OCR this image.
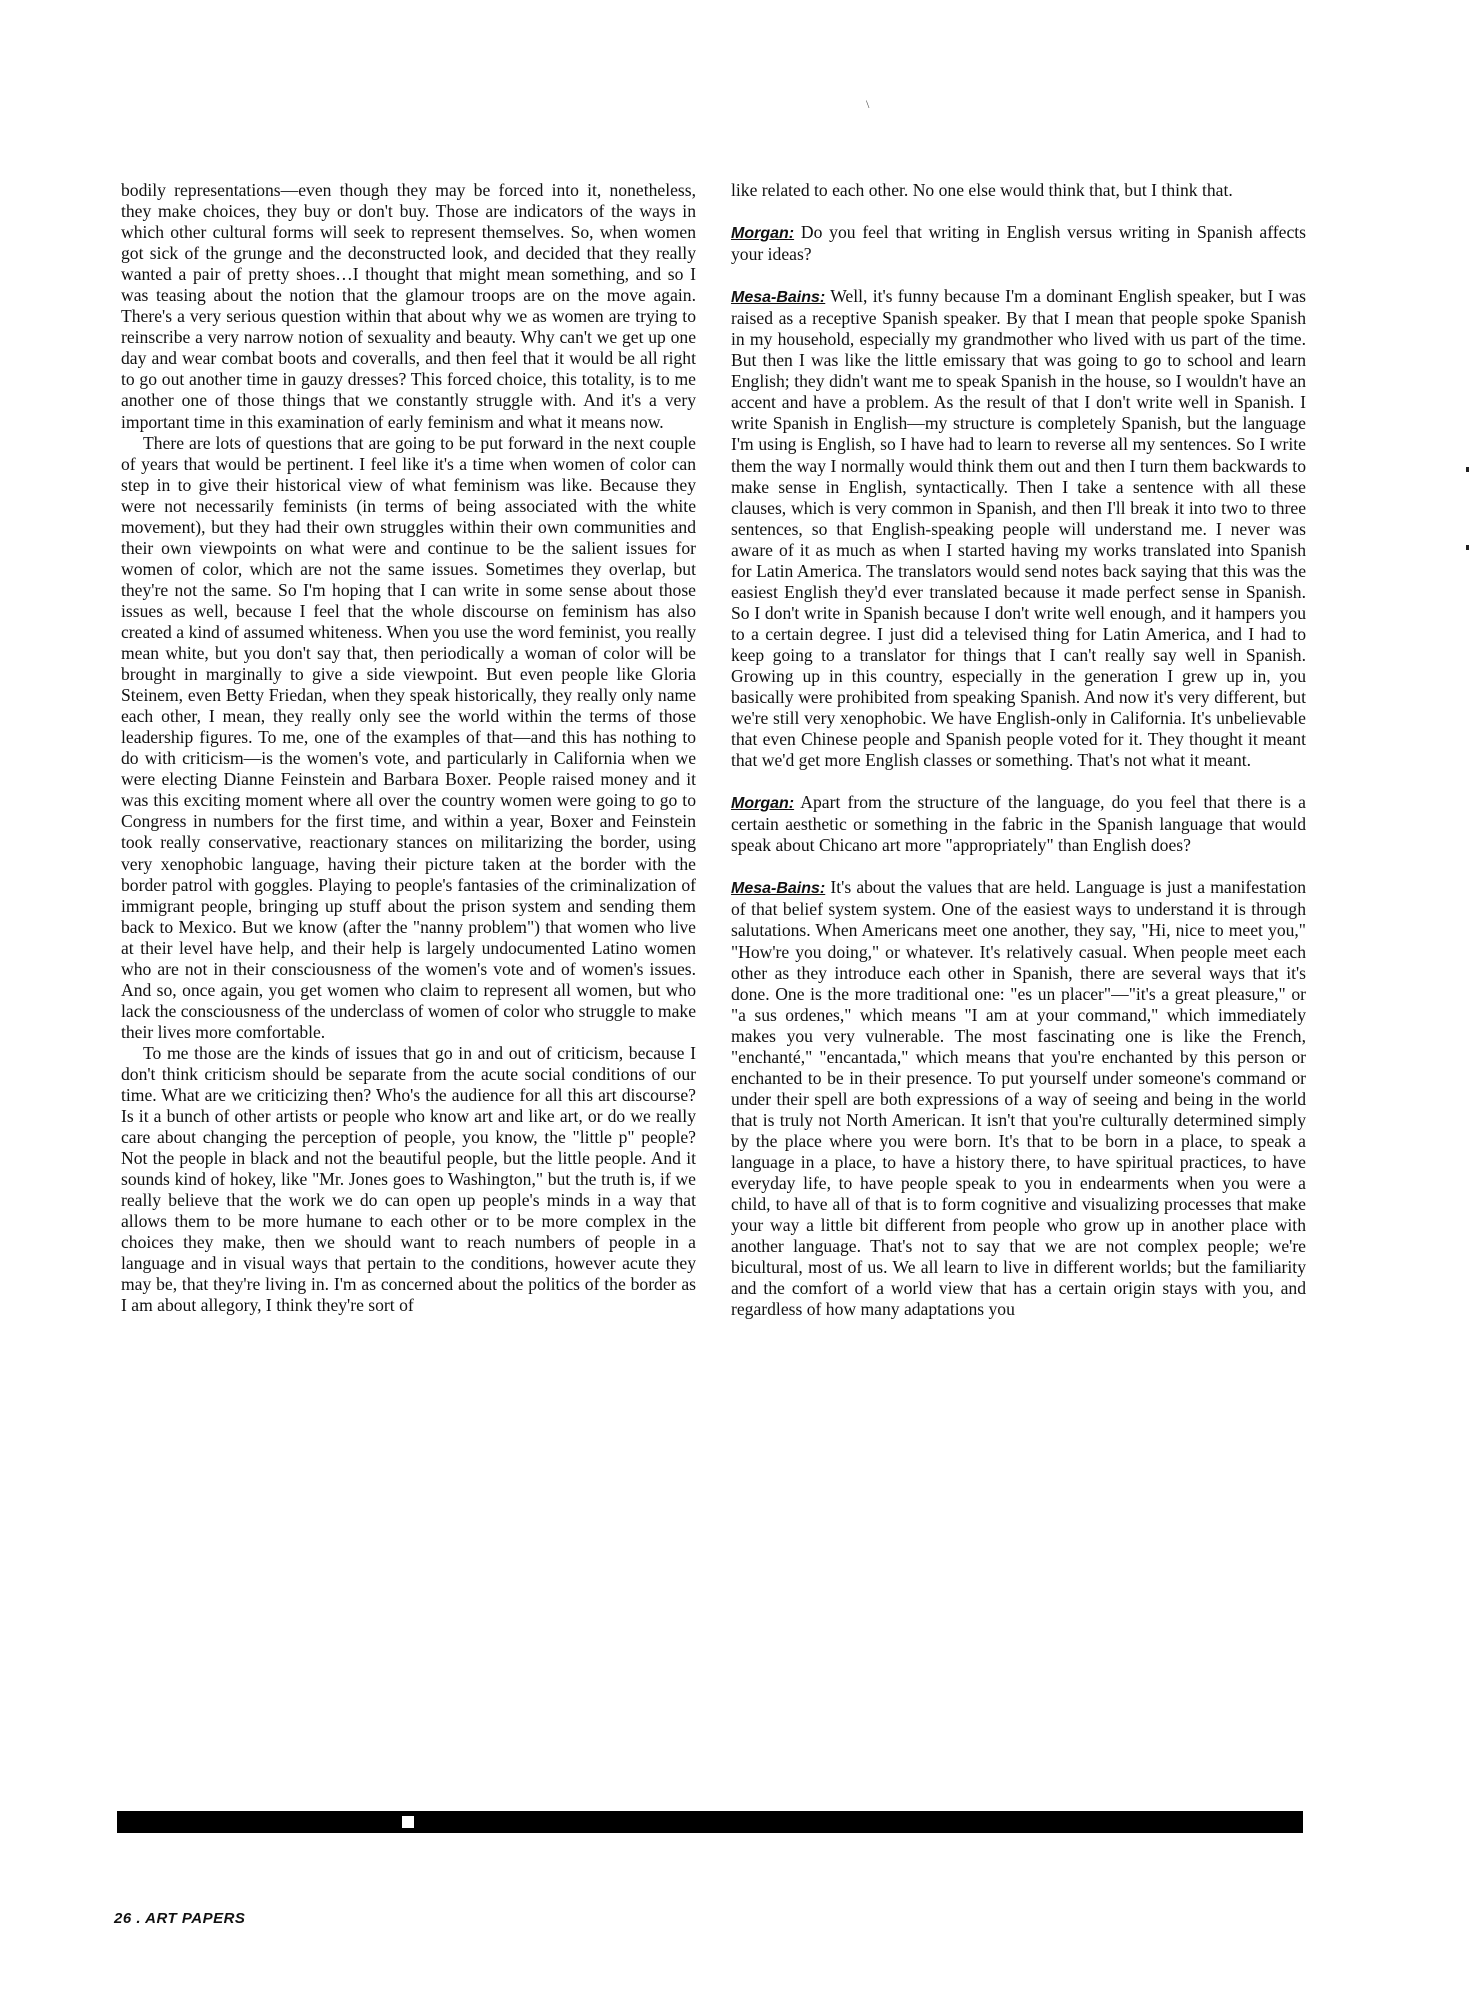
\

bodily representations—even though they may be forced into it, nonetheless, they make choices, they buy or don't buy. Those are indicators of the ways in which other cultural forms will seek to represent themselves. So, when women got sick of the grunge and the deconstructed look, and decided that they really wanted a pair of pretty shoes…I thought that might mean something, and so I was teasing about the notion that the glamour troops are on the move again. There's a very serious question within that about why we as women are trying to reinscribe a very narrow notion of sexuality and beauty. Why can't we get up one day and wear combat boots and coveralls, and then feel that it would be all right to go out another time in gauzy dresses? This forced choice, this totality, is to me another one of those things that we constantly struggle with. And it's a very important time in this examination of early feminism and what it means now.

There are lots of questions that are going to be put forward in the next couple of years that would be pertinent. I feel like it's a time when women of color can step in to give their historical view of what feminism was like. Because they were not necessarily feminists (in terms of being associated with the white movement), but they had their own struggles within their own communities and their own viewpoints on what were and continue to be the salient issues for women of color, which are not the same issues. Sometimes they overlap, but they're not the same. So I'm hoping that I can write in some sense about those issues as well, because I feel that the whole discourse on feminism has also created a kind of assumed whiteness. When you use the word feminist, you really mean white, but you don't say that, then periodically a woman of color will be brought in marginally to give a side viewpoint. But even people like Gloria Steinem, even Betty Friedan, when they speak historically, they really only name each other, I mean, they really only see the world within the terms of those leadership figures. To me, one of the examples of that—and this has nothing to do with criticism—is the women's vote, and particularly in California when we were electing Dianne Feinstein and Barbara Boxer. People raised money and it was this exciting moment where all over the country women were going to go to Congress in numbers for the first time, and within a year, Boxer and Feinstein took really conservative, reactionary stances on militarizing the border, using very xenophobic language, having their picture taken at the border with the border patrol with goggles. Playing to people's fantasies of the criminalization of immigrant people, bringing up stuff about the prison system and sending them back to Mexico. But we know (after the "nanny problem") that women who live at their level have help, and their help is largely undocumented Latino women who are not in their consciousness of the women's vote and of women's issues. And so, once again, you get women who claim to represent all women, but who lack the consciousness of the underclass of women of color who struggle to make their lives more comfortable.

To me those are the kinds of issues that go in and out of criticism, because I don't think criticism should be separate from the acute social conditions of our time. What are we criticizing then? Who's the audience for all this art discourse? Is it a bunch of other artists or people who know art and like art, or do we really care about changing the perception of people, you know, the "little p" people? Not the people in black and not the beautiful people, but the little people. And it sounds kind of hokey, like "Mr. Jones goes to Washington," but the truth is, if we really believe that the work we do can open up people's minds in a way that allows them to be more humane to each other or to be more complex in the choices they make, then we should want to reach numbers of people in a language and in visual ways that pertain to the conditions, however acute they may be, that they're living in. I'm as concerned about the politics of the border as I am about allegory, I think they're sort of

like related to each other. No one else would think that, but I think that.

Morgan: Do you feel that writing in English versus writing in Spanish affects your ideas?

Mesa-Bains: Well, it's funny because I'm a dominant English speaker, but I was raised as a receptive Spanish speaker. By that I mean that people spoke Spanish in my household, especially my grandmother who lived with us part of the time. But then I was like the little emissary that was going to go to school and learn English; they didn't want me to speak Spanish in the house, so I wouldn't have an accent and have a problem. As the result of that I don't write well in Spanish. I write Spanish in English—my structure is completely Spanish, but the language I'm using is English, so I have had to learn to reverse all my sentences. So I write them the way I normally would think them out and then I turn them backwards to make sense in English, syntactically. Then I take a sentence with all these clauses, which is very common in Spanish, and then I'll break it into two to three sentences, so that English-speaking people will understand me. I never was aware of it as much as when I started having my works translated into Spanish for Latin America. The translators would send notes back saying that this was the easiest English they'd ever translated because it made perfect sense in Spanish. So I don't write in Spanish because I don't write well enough, and it hampers you to a certain degree. I just did a televised thing for Latin America, and I had to keep going to a translator for things that I can't really say well in Spanish. Growing up in this country, especially in the generation I grew up in, you basically were prohibited from speaking Spanish. And now it's very different, but we're still very xenophobic. We have English-only in California. It's unbelievable that even Chinese people and Spanish people voted for it. They thought it meant that we'd get more English classes or something. That's not what it meant.

Morgan: Apart from the structure of the language, do you feel that there is a certain aesthetic or something in the fabric in the Spanish language that would speak about Chicano art more "appropriately" than English does?

Mesa-Bains: It's about the values that are held. Language is just a manifestation of that belief system system. One of the easiest ways to understand it is through salutations. When Americans meet one another, they say, "Hi, nice to meet you," "How're you doing," or whatever. It's relatively casual. When people meet each other as they introduce each other in Spanish, there are several ways that it's done. One is the more traditional one: "es un placer"—"it's a great pleasure," or "a sus ordenes," which means "I am at your command," which immediately makes you very vulnerable. The most fascinating one is like the French, "enchanté," "encantada," which means that you're enchanted by this person or enchanted to be in their presence. To put yourself under someone's command or under their spell are both expressions of a way of seeing and being in the world that is truly not North American. It isn't that you're culturally determined simply by the place where you were born. It's that to be born in a place, to speak a language in a place, to have a history there, to have spiritual practices, to have everyday life, to have people speak to you in endearments when you were a child, to have all of that is to form cognitive and visualizing processes that make your way a little bit different from people who grow up in another place with another language. That's not to say that we are not complex people; we're bicultural, most of us. We all learn to live in different worlds; but the familiarity and the comfort of a world view that has a certain origin stays with you, and regardless of how many adaptations you

26 . ART PAPERS
